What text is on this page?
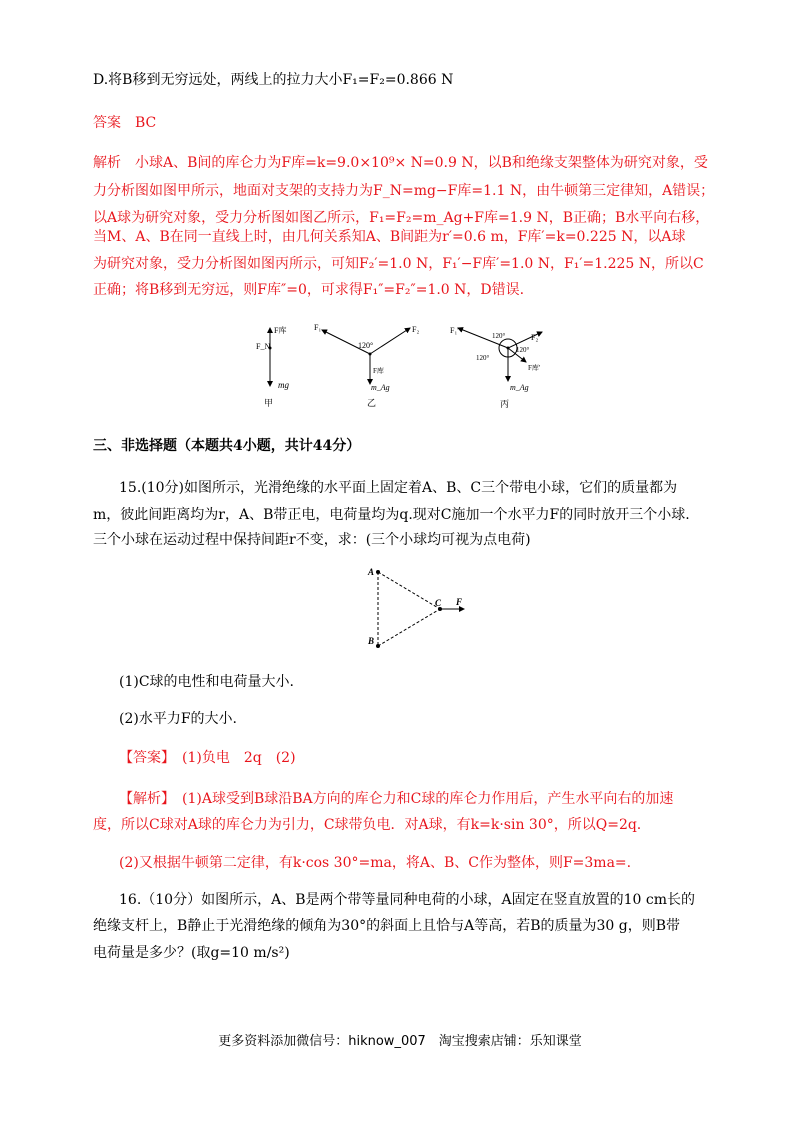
D.将B移到无穷远处，两线上的拉力大小F₁=F₂=0.866 N
答案　BC
解析　小球A、B间的库仑力为F库=k=9.0×10⁹× N=0.9 N，以B和绝缘支架整体为研究对象，受
力分析图如图甲所示，地面对支架的支持力为F_N=mg−F库=1.1 N，由牛顿第三定律知，A错误；
以A球为研究对象，受力分析图如图乙所示，F₁=F₂=m_Ag+F库=1.9 N，B正确；B水平向右移，
当M、A、B在同一直线上时，由几何关系知A、B间距为r′=0.6 m，F库′=k=0.225 N，以A球
为研究对象，受力分析图如图丙所示，可知F₂′=1.0 N，F₁′−F库′=1.0 N，F₁′=1.225 N，所以C
正确；将B移到无穷远，则F库″=0，可求得F₁″=F₂″=1.0 N，D错误.
F库
F_N
mg
甲
F₁	F₂
120°
F库
m_Ag
乙
F₁′
F₂′
120°
120°
120°
F库′
m_Ag
丙
三、非选择题（本题共4小题，共计44分）
15.(10分)如图所示，光滑绝缘的水平面上固定着A、B、C三个带电小球，它们的质量都为
m，彼此间距离均为r，A、B带正电，电荷量均为q.现对C施加一个水平力F的同时放开三个小球.
三个小球在运动过程中保持间距r不变，求：(三个小球均可视为点电荷)
A
B
C F
(1)C球的电性和电荷量大小.
(2)水平力F的大小.
【答案】　(1)负电　2q　(2)
【解析】　(1)A球受到B球沿BA方向的库仑力和C球的库仑力作用后，产生水平向右的加速
度，所以C球对A球的库仑力为引力，C球带负电．对A球，有k=k·sin 30°，所以Q=2q.
(2)又根据牛顿第二定律，有k·cos 30°=ma，将A、B、C作为整体，则F=3ma=.
16.（10分）如图所示，A、B是两个带等量同种电荷的小球，A固定在竖直放置的10 cm长的
绝缘支杆上，B静止于光滑绝缘的倾角为30°的斜面上且恰与A等高，若B的质量为30 g，则B带
电荷量是多少？(取g=10 m/s²)
更多资料添加微信号：hiknow_007　淘宝搜索店铺：乐知课堂
